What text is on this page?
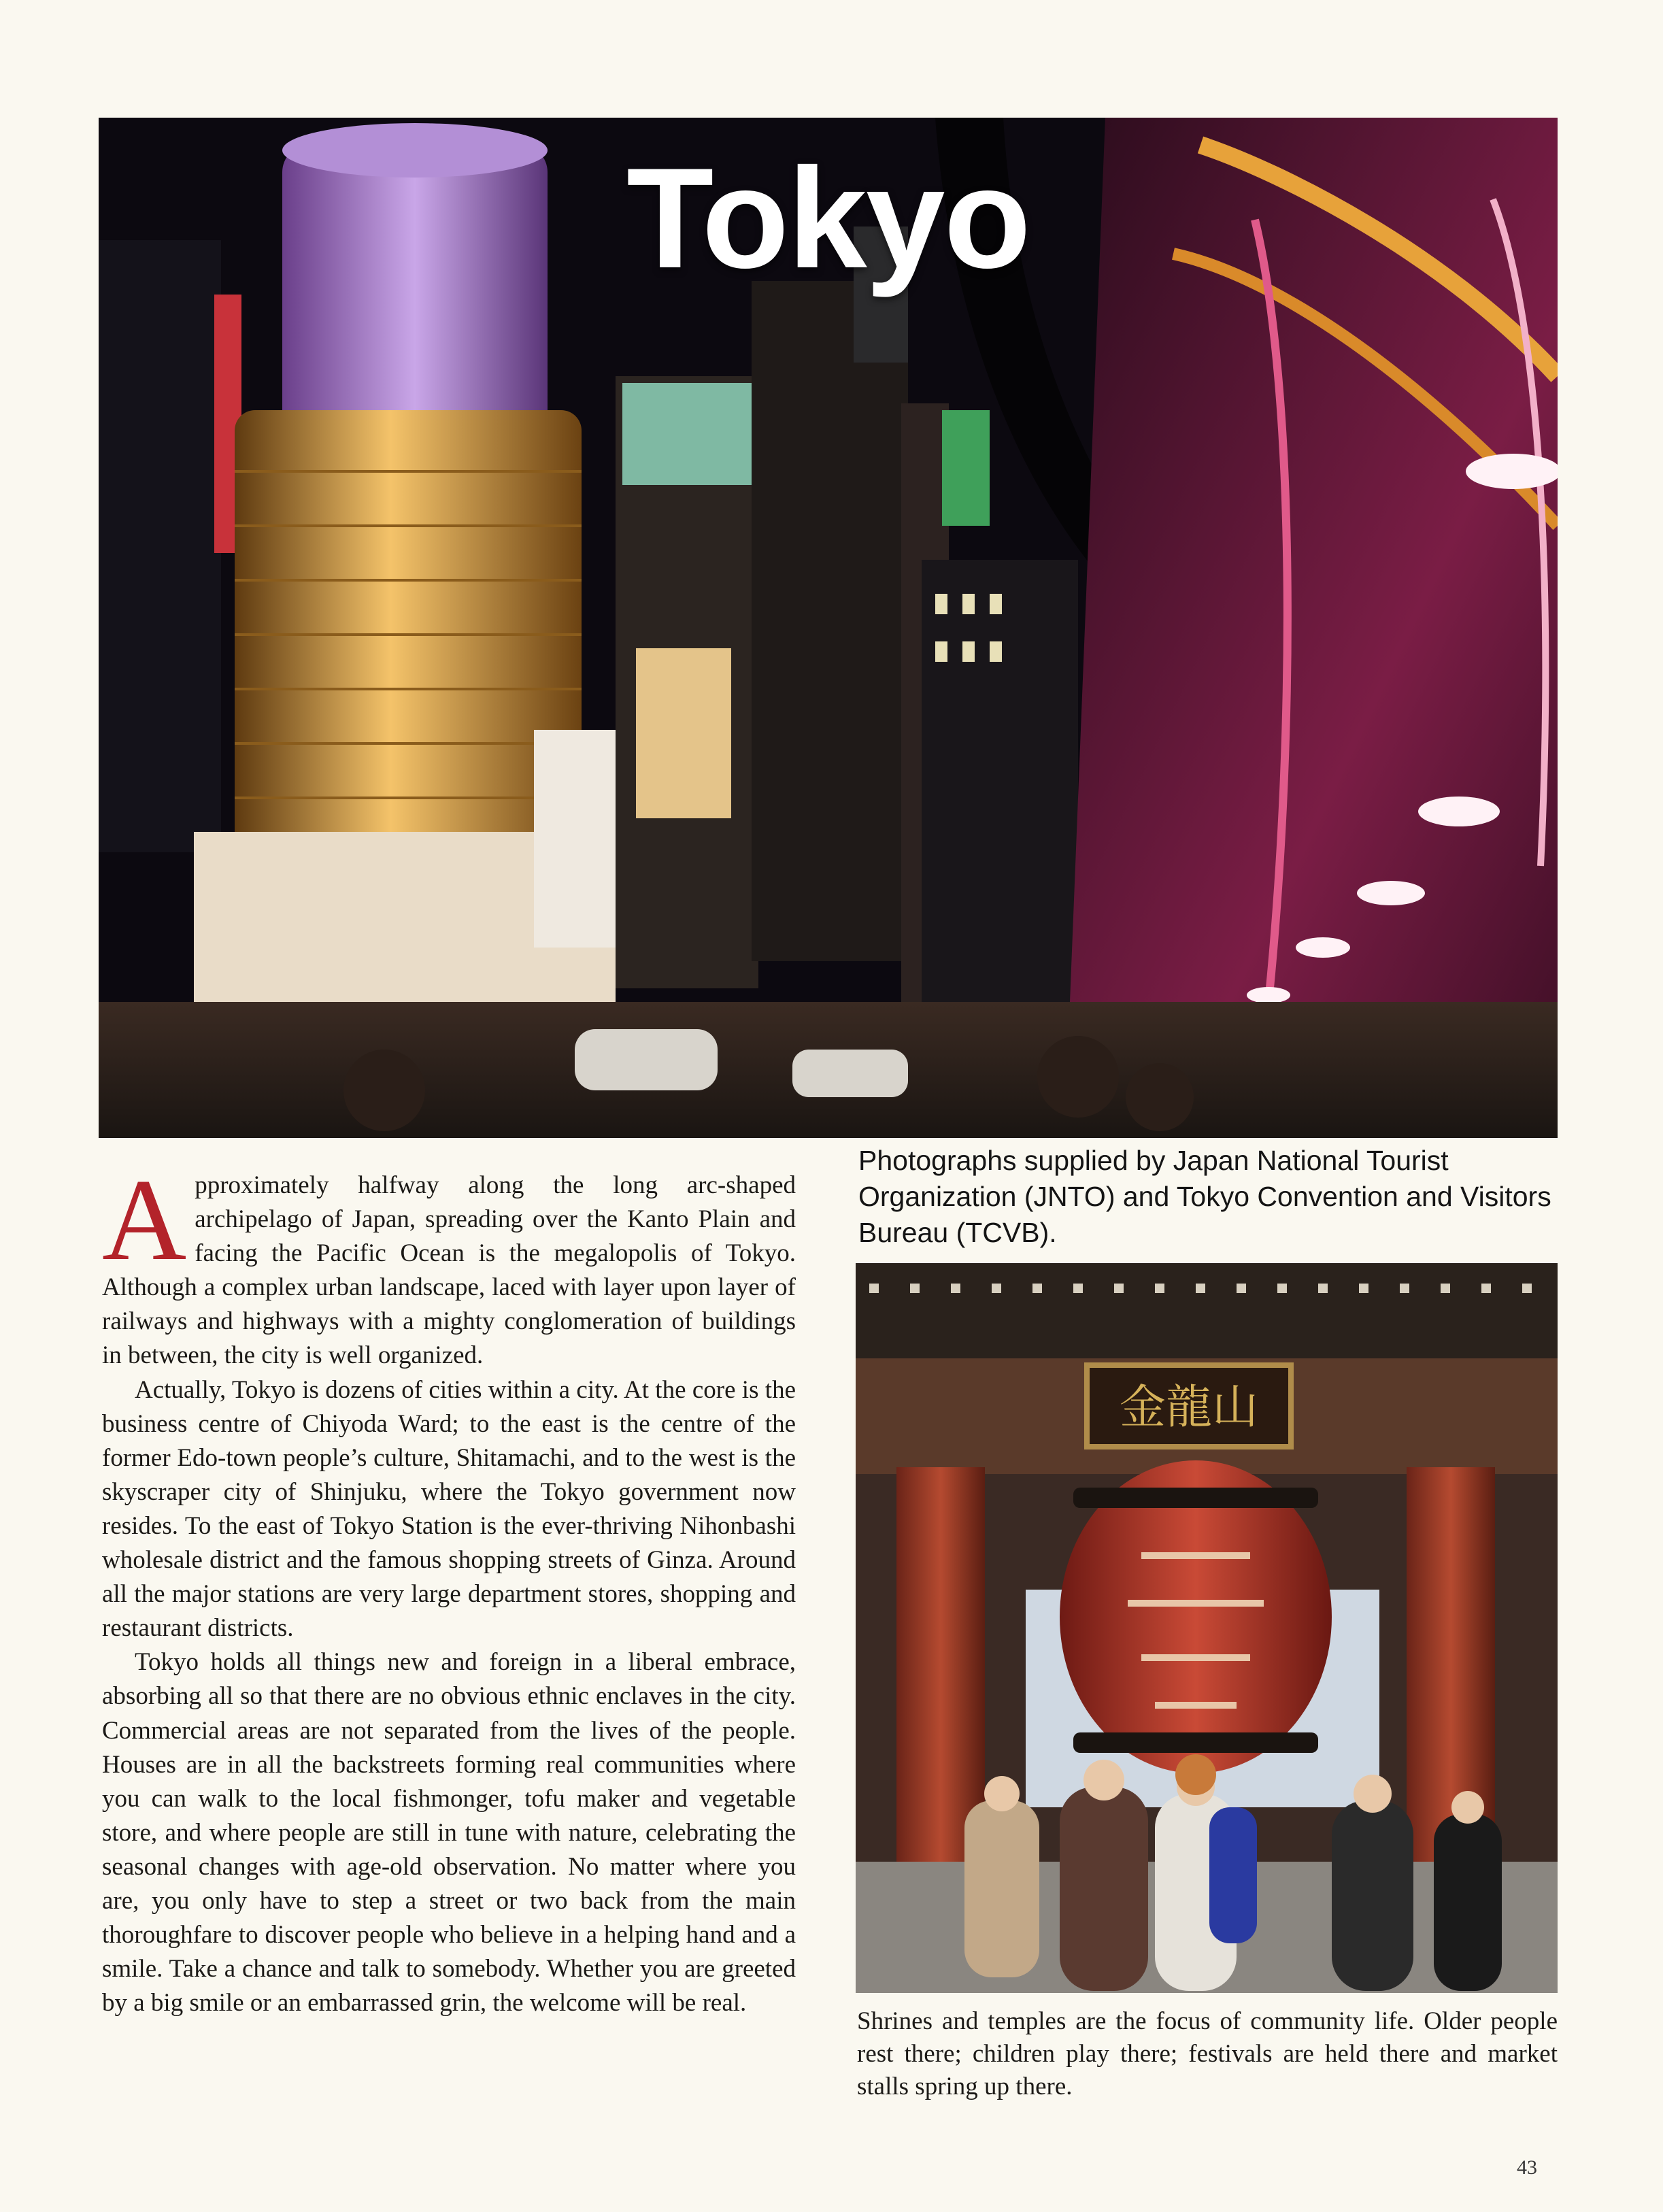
Tokyo
Photographs supplied by Japan National Tourist Organization (JNTO) and Tokyo Convention and Visitors Bureau (TCVB).

Approximately halfway along the long arc-shaped archipelago of Japan, spreading over the Kanto Plain and facing the Pacific Ocean is the megalopolis of Tokyo. Although a complex urban landscape, laced with layer upon layer of railways and highways with a mighty conglomeration of buildings in between, the city is well organized.

Actually, Tokyo is dozens of cities within a city. At the core is the business centre of Chiyoda Ward; to the east is the centre of the former Edo-town people’s culture, Shitamachi, and to the west is the skyscraper city of Shinjuku, where the Tokyo government now resides. To the east of Tokyo Station is the ever-thriving Nihonbashi wholesale district and the famous shopping streets of Ginza. Around all the major stations are very large department stores, shopping and restaurant districts.

Tokyo holds all things new and foreign in a liberal embrace, absorbing all so that there are no obvious ethnic enclaves in the city. Commercial areas are not separated from the lives of the people. Houses are in all the backstreets forming real communities where you can walk to the local fishmonger, tofu maker and vegetable store, and where people are still in tune with nature, celebrating the seasonal changes with age-old observation. No matter where you are, you only have to step a street or two back from the main thoroughfare to discover people who believe in a helping hand and a smile. Take a chance and talk to somebody. Whether you are greeted by a big smile or an embarrassed grin, the welcome will be real.

金龍山
Shrines and temples are the focus of community life. Older people rest there; children play there; festivals are held there and market stalls spring up there.
43
